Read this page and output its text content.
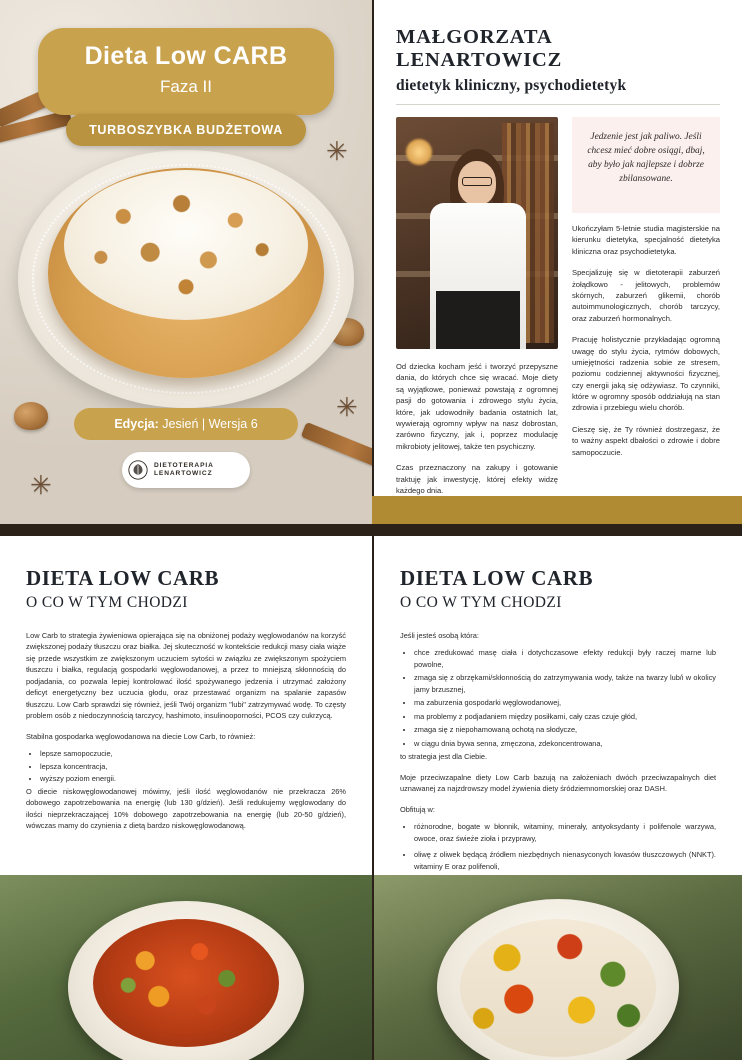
✳
✳
✳
Dieta Low CARB
Faza II
TURBOSZYBKA BUDŻETOWA
Edycja: Jesień | Wersja 6
DIETOTERAPIA
LENARTOWICZ
MAŁGORZATA LENARTOWICZ
dietetyk kliniczny, psychodietetyk

Od dziecka kocham jeść i tworzyć przepyszne dania, do których chce się wracać. Moje diety są wyjątkowe, ponieważ powstają z ogromnej pasji do gotowania i zdrowego stylu życia, które, jak udowodniły badania ostatnich lat, wywierają ogromny wpływ na nasz dobrostan, zarówno fizyczny, jak i, poprzez modulację mikrobioty jelitowej, także ten psychiczny.

Czas przeznaczony na zakupy i gotowanie traktuję jak inwestycję, której efekty widzę każdego dnia.

Jedzenie jest jak paliwo. Jeśli chcesz mieć dobre osiągi, dbaj, aby było jak najlepsze i dobrze zbilansowane.

Ukończyłam 5-letnie studia magisterskie na kierunku dietetyka, specjalność dietetyka kliniczna oraz psychodietetyka.

Specjalizuję się w dietoterapii zaburzeń żołądkowo - jelitowych, problemów skórnych, zaburzeń glikemii, chorób autoimmunologicznych, chorób tarczycy, oraz zaburzeń hormonalnych.

Pracuję holistycznie przykładając ogromną uwagę do stylu życia, rytmów dobowych, umiejętności radzenia sobie ze stresem, poziomu codziennej aktywności fizycznej, czy energii jaką się odżywiasz. To czynniki, które w ogromny sposób oddziałują na stan zdrowia i przebiegu wielu chorób.

Cieszę się, że Ty również dostrzegasz, że to ważny aspekt dbałości o zdrowie i dobre samopoczucie.

DIETA LOW CARB
O CO W TYM CHODZI

Low Carb to strategia żywieniowa opierająca się na obniżonej podaży węglowodanów na korzyść zwiększonej podaży tłuszczu oraz białka. Jej skuteczność w kontekście redukcji masy ciała wiąże się przede wszystkim ze zwiększonym uczuciem sytości w związku ze zwiększonym spożyciem tłuszczu i białka, regulacją gospodarki węglowodanowej, a przez to mniejszą skłonnością do podjadania, co pozwala lepiej kontrolować ilość spożywanego jedzenia i utrzymać założony deficyt energetyczny bez uczucia głodu, oraz przestawać organizm na spalanie zapasów tłuszczu. Low Carb sprawdzi się również, jeśli Twój organizm "lubi" zatrzymywać wodę. To częsty problem osób z niedoczynnością tarczycy, hashimoto, insulinooporności, PCOS czy cukrzycą.

Stabilna gospodarka węglowodanowa na diecie Low Carb, to również:

• lepsze samopoczucie,
• lepsza koncentracja,
• wyższy poziom energii.

O diecie niskowęglowodanowej mówimy, jeśli ilość węglowodanów nie przekracza 26% dobowego zapotrzebowania na energię (lub 130 g/dzień). Jeśli redukujemy węglowodany do ilości nieprzekraczającej 10% dobowego zapotrzebowania na energię (lub 20-50 g/dzień), wówczas mamy do czynienia z dietą bardzo niskowęglowodanową.

DIETA LOW CARB
O CO W TYM CHODZI

Jeśli jesteś osobą która:

• chce zredukować masę ciała i dotychczasowe efekty redukcji były raczej marne lub powolne,
• zmaga się z obrzękami/skłonnością do zatrzymywania wody, także na twarzy lub/i w okolicy jamy brzusznej,
• ma zaburzenia gospodarki węglowodanowej,
• ma problemy z podjadaniem między posiłkami, cały czas czuje głód,
• zmaga się z niepohamowaną ochotą na słodycze,
• w ciągu dnia bywa senna, zmęczona, zdekoncentrowana,

to strategia jest dla Ciebie.

Moje przeciwzapalne diety Low Carb bazują na założeniach dwóch przeciwzapalnych diet uznawanej za najzdrowszy model żywienia diety śródziemnomorskiej oraz DASH.

Obfitują w:

• różnorodne, bogate w błonnik, witaminy, minerały, antyoksydanty i polifenole warzywa, owoce, oraz świeże zioła i przyprawy,
• oliwę z oliwek będącą źródłem niezbędnych nienasyconych kwasów tłuszczowych (NNKT). witaminy E oraz polifenoli,
•
•
•
